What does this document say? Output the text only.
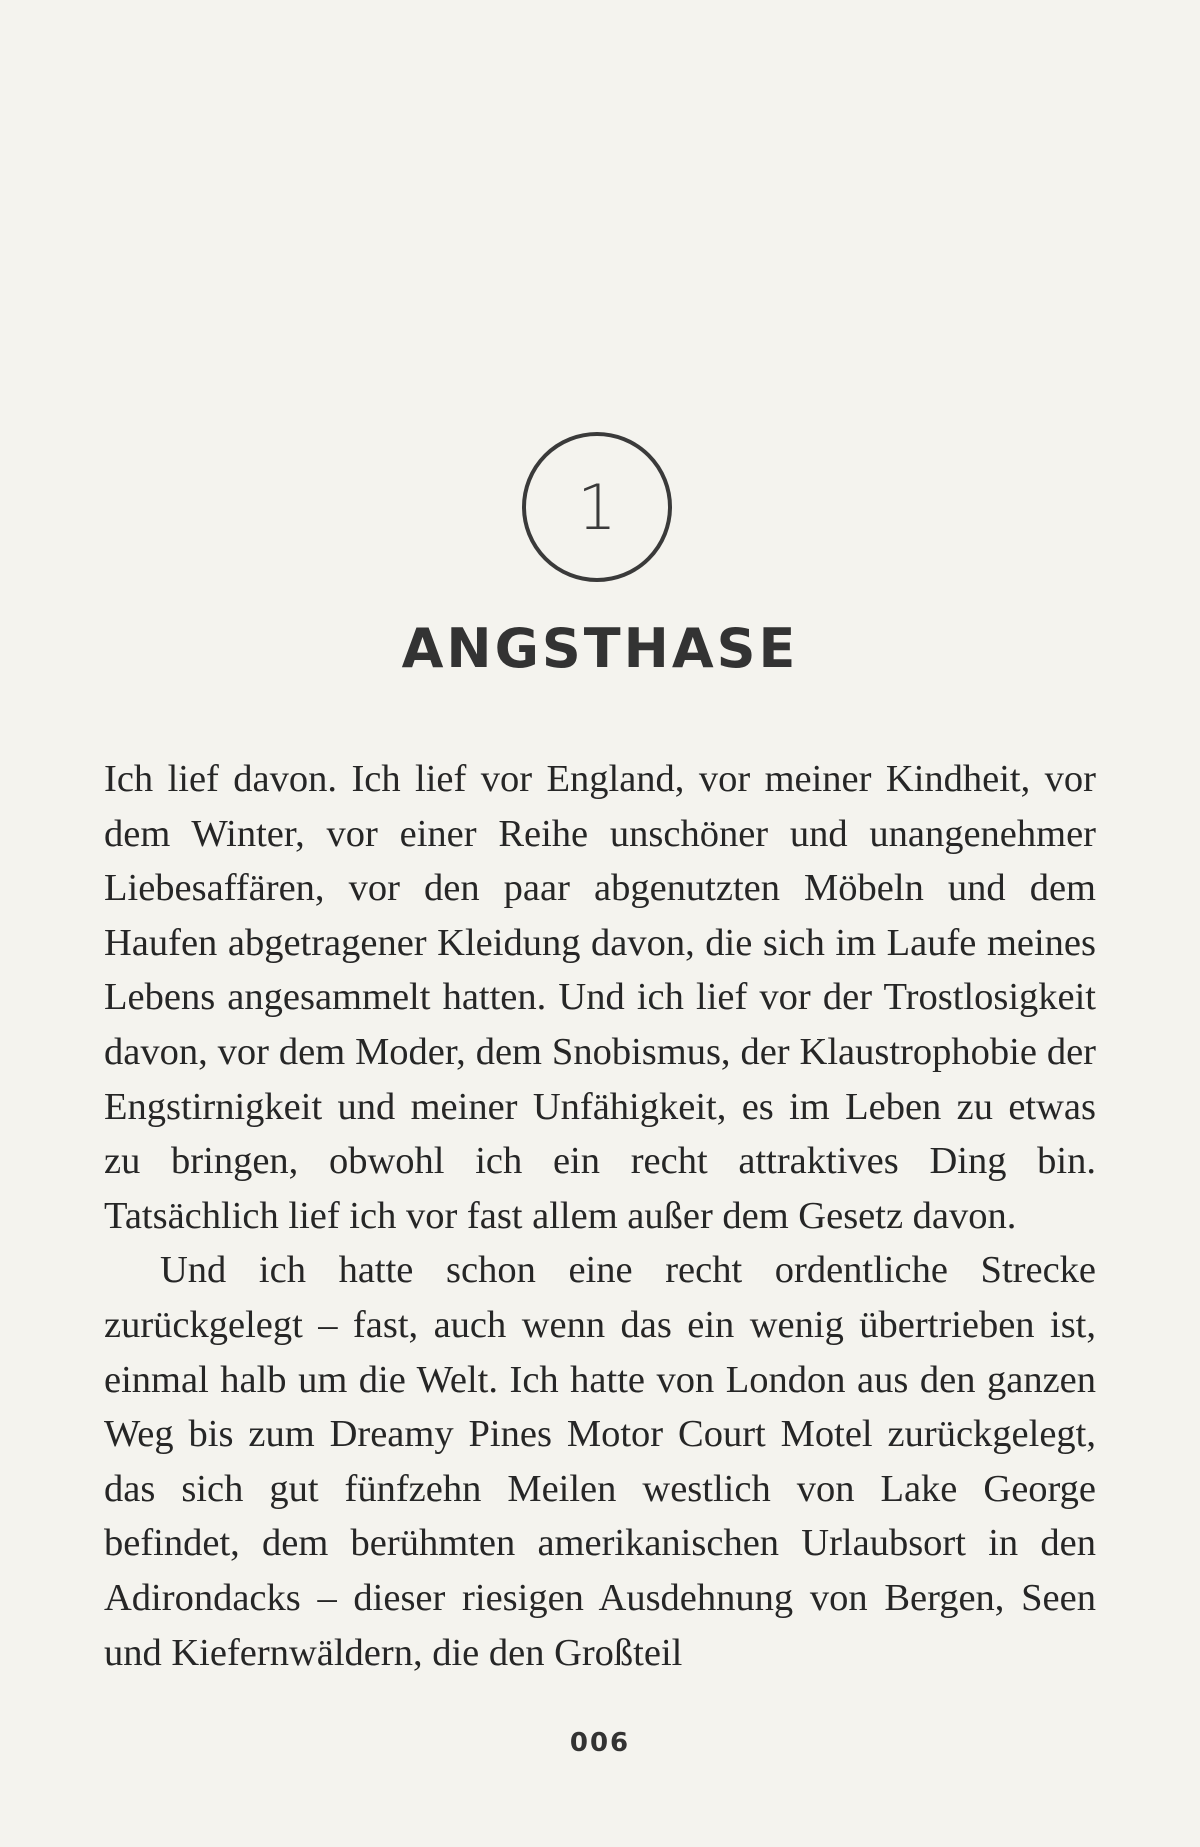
1
ANGSTHASE

Ich lief davon. Ich lief vor England, vor meiner Kindheit, vor dem Winter, vor einer Reihe unschöner und unangenehmer Liebesaffären, vor den paar abgenutzten Möbeln und dem Haufen abgetragener Kleidung davon, die sich im Laufe meines Lebens angesammelt hatten. Und ich lief vor der Trostlosigkeit davon, vor dem Moder, dem Snobismus, der Klaustrophobie der Engstirnigkeit und meiner Unfähigkeit, es im Leben zu etwas zu bringen, obwohl ich ein recht attraktives Ding bin. Tatsächlich lief ich vor fast allem außer dem Gesetz davon.

Und ich hatte schon eine recht ordentliche Strecke zurückgelegt – fast, auch wenn das ein wenig übertrieben ist, einmal halb um die Welt. Ich hatte von London aus den ganzen Weg bis zum Dreamy Pines Motor Court Motel zurückgelegt, das sich gut fünfzehn Meilen westlich von Lake George befindet, dem berühmten amerikanischen Urlaubsort in den Adirondacks – dieser riesigen Ausdehnung von Bergen, Seen und Kiefernwäldern, die den Großteil

006
